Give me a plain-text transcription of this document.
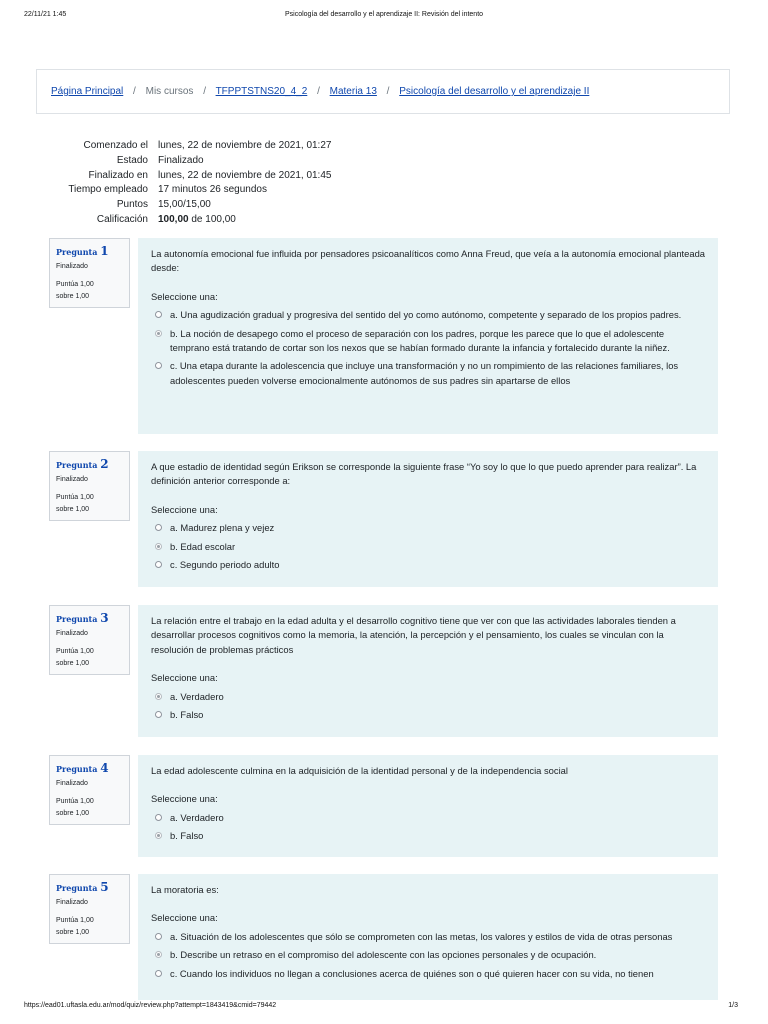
22/11/21 1:45	Psicología del desarrollo y el aprendizaje II: Revisión del intento
Página Principal / Mis cursos / TFPPTSTNS20_4_2 / Materia 13 / Psicología del desarrollo y el aprendizaje II
Comenzado el lunes, 22 de noviembre de 2021, 01:27
Estado Finalizado
Finalizado en lunes, 22 de noviembre de 2021, 01:45
Tiempo empleado 17 minutos 26 segundos
Puntos 15,00/15,00
Calificación 100,00 de 100,00
Pregunta 1
Finalizado
Puntúa 1,00
sobre 1,00

La autonomía emocional fue influida por pensadores psicoanalíticos como Anna Freud, que veía a la autonomía emocional planteada desde:

Seleccione una:
a. Una agudización gradual y progresiva del sentido del yo como autónomo, competente y separado de los propios padres.
b. La noción de desapego como el proceso de separación con los padres, porque les parece que lo que el adolescente temprano está tratando de cortar son los nexos que se habían formado durante la infancia y fortalecido durante la niñez.
c. Una etapa durante la adolescencia que incluye una transformación y no un rompimiento de las relaciones familiares, los adolescentes pueden volverse emocionalmente autónomos de sus padres sin apartarse de ellos
Pregunta 2
Finalizado
Puntúa 1,00
sobre 1,00

A que estadio de identidad según Erikson se corresponde la siguiente frase “Yo soy lo que lo que puedo aprender para realizar”. La definición anterior corresponde a:

Seleccione una:
a. Madurez plena y vejez
b. Edad escolar
c. Segundo periodo adulto
Pregunta 3
Finalizado
Puntúa 1,00
sobre 1,00

La relación entre el trabajo en la edad adulta y el desarrollo cognitivo tiene que ver con que las actividades laborales tienden a desarrollar procesos cognitivos como la memoria, la atención, la percepción y el pensamiento, los cuales se vinculan con la resolución de problemas prácticos

Seleccione una:
a. Verdadero
b. Falso
Pregunta 4
Finalizado
Puntúa 1,00
sobre 1,00

La edad adolescente culmina en la adquisición de la identidad personal y de la independencia social

Seleccione una:
a. Verdadero
b. Falso
Pregunta 5
Finalizado
Puntúa 1,00
sobre 1,00

La moratoria es:

Seleccione una:
a. Situación de los adolescentes que sólo se comprometen con las metas, los valores y estilos de vida de otras personas
b. Describe un retraso en el compromiso del adolescente con las opciones personales y de ocupación.
c. Cuando los individuos no llegan a conclusiones acerca de quiénes son o qué quieren hacer con su vida, no tienen
https://ead01.uftasla.edu.ar/mod/quiz/review.php?attempt=1843419&cmid=79442	1/3
